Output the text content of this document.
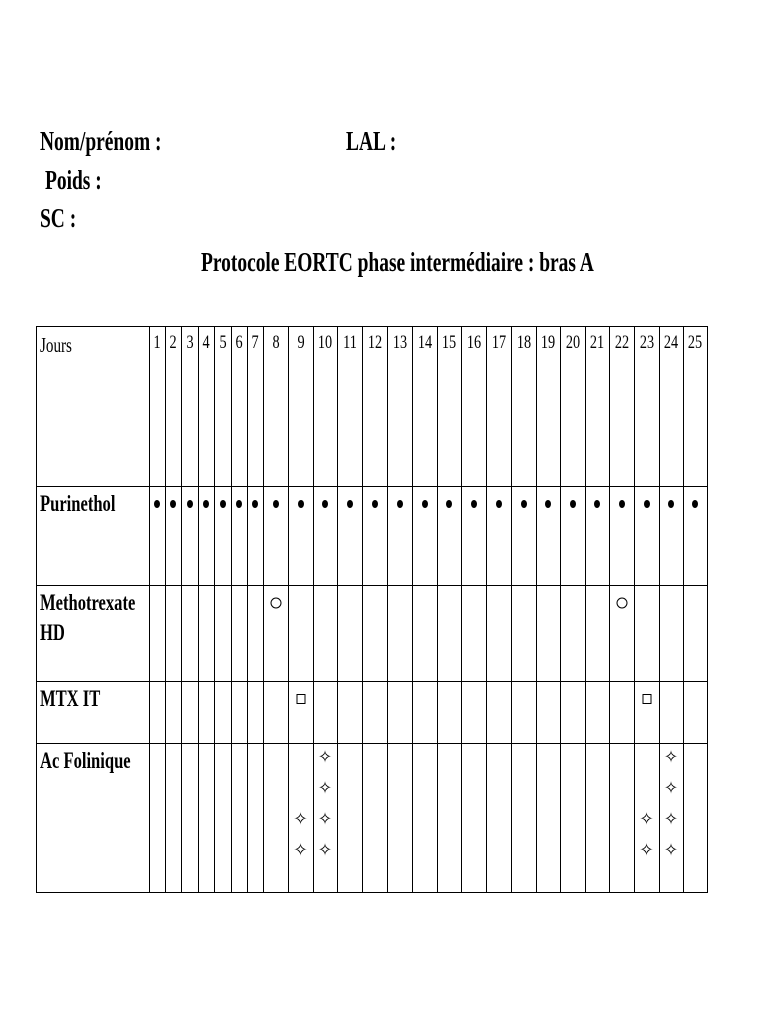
Nom/prénom :	LAL :
Poids :
SC :
Protocole EORTC phase intermédiaire : bras A
Jours	1 2 3 4 5 6 7 8 9 10 11 12 13 14 15 16 17 18 19 20 21 22 23 24 25
Purinethol
Methotrexate
HD
MTX IT
Ac Folinique
✧
✧
✧
✧
✧
✧
✧
✧
✧
✧
✧
✧
